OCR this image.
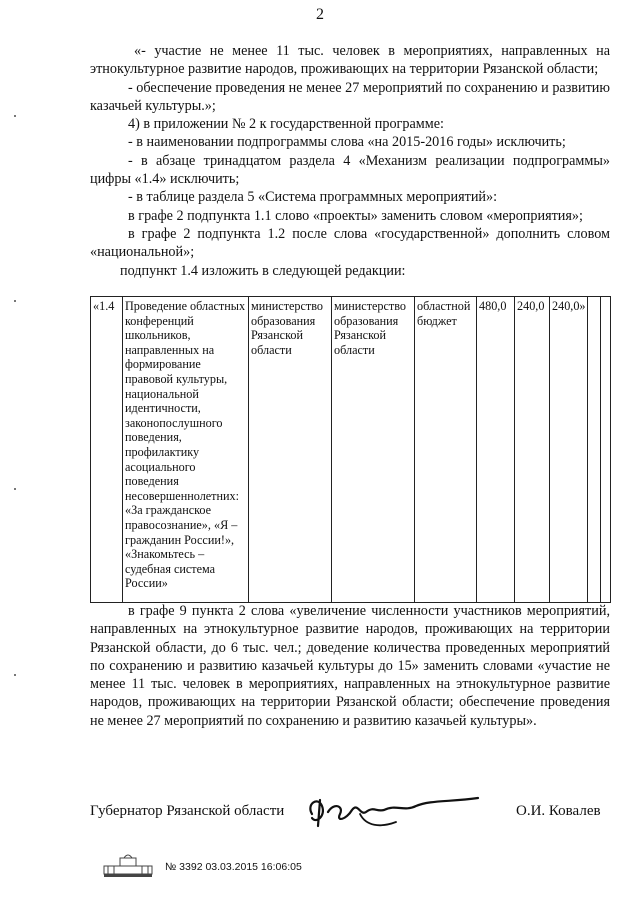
2

«- участие не менее 11 тыс. человек в мероприятиях, направленных на этнокультурное развитие народов, проживающих на территории Рязанской области;

- обеспечение проведения не менее 27 мероприятий по сохранению и развитию казачьей культуры.»;

4) в приложении № 2 к государственной программе:

- в наименовании подпрограммы слова «на 2015-2016 годы» исключить;

- в абзаце тринадцатом раздела 4 «Механизм реализации подпрограммы» цифры «1.4» исключить;

- в таблице раздела 5 «Система программных мероприятий»:

в графе 2 подпункта 1.1 слово «проекты» заменить словом «мероприятия»;

в графе 2 подпункта 1.2 после слова «государственной» дополнить словом «национальной»;

подпункт 1.4 изложить в следующей редакции:

«1.4	Проведение областных конференций школьников, направленных на формирование правовой культуры, национальной идентичности, законопослушного поведения, профилактику асоциального поведения несовершеннолетних: «За гражданское правосознание», «Я – гражданин России!», «Знакомьтесь – судебная система России»	министерство образования Рязанской области	министерство образования Рязанской области	областной бюджет	480,0	240,0	240,0»		

в графе 9 пункта 2 слова «увеличение численности участников мероприятий, направленных на этнокультурное развитие народов, проживающих на территории Рязанской области, до 6 тыс. чел.; доведение количества проведенных мероприятий по сохранению и развитию казачьей культуры до 15» заменить словами «участие не менее 11 тыс. человек в мероприятиях, направленных на этнокультурное развитие народов, проживающих на территории Рязанской области; обеспечение проведения не менее 27 мероприятий по сохранению и развитию казачьей культуры».

Губернатор Рязанской области	О.И. Ковалев
№ 3392 03.03.2015 16:06:05
